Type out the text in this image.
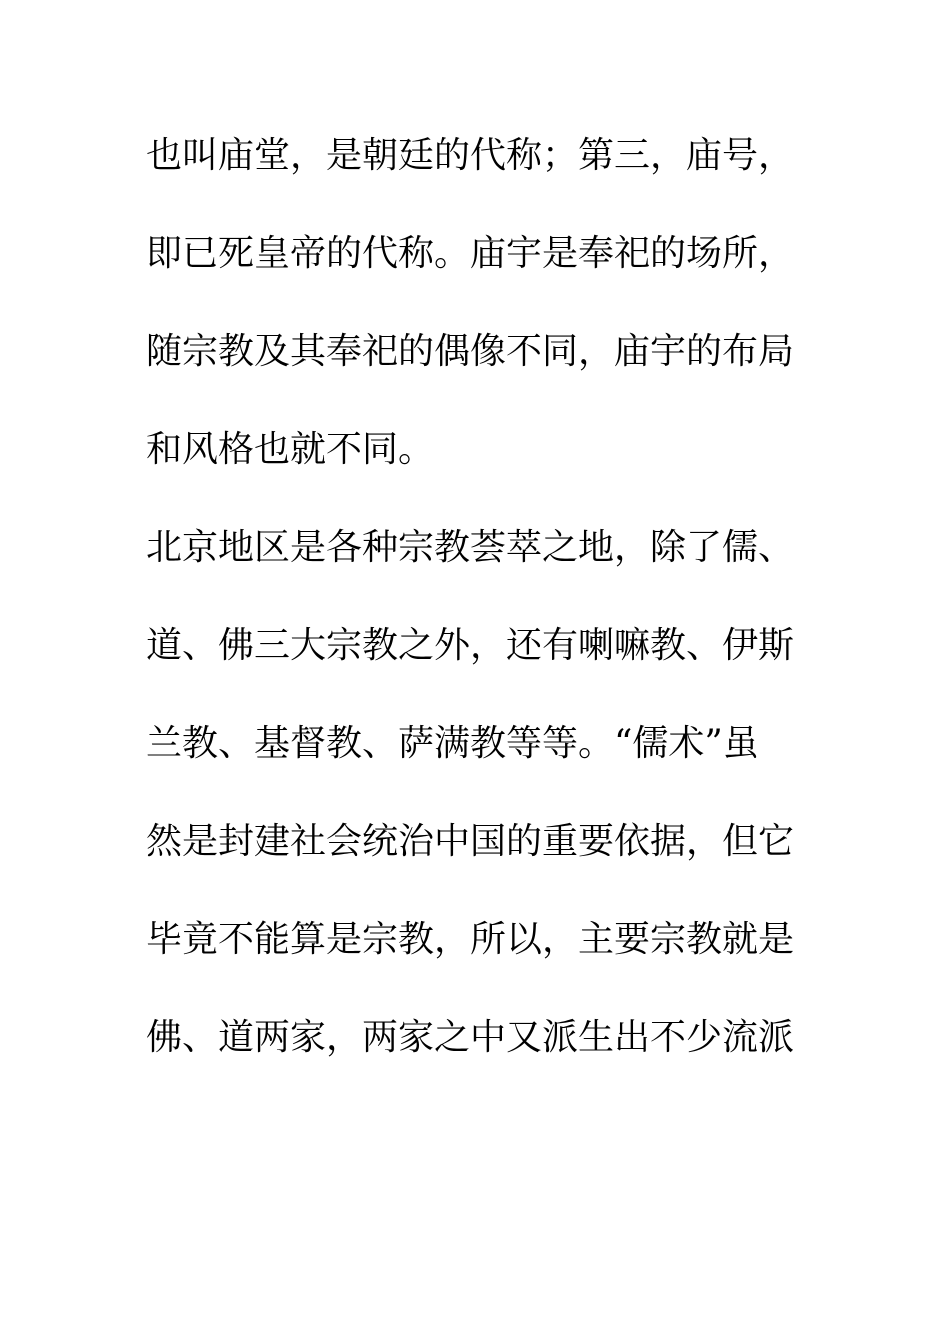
也叫庙堂，是朝廷的代称；第三，庙号，
即已死皇帝的代称。庙宇是奉祀的场所，
随宗教及其奉祀的偶像不同，庙宇的布局
和风格也就不同。
北京地区是各种宗教荟萃之地，除了儒、
道、佛三大宗教之外，还有喇嘛教、伊斯
兰教、基督教、萨满教等等。“儒术”虽
然是封建社会统治中国的重要依据，但它
毕竟不能算是宗教，所以，主要宗教就是
佛、道两家，两家之中又派生出不少流派
